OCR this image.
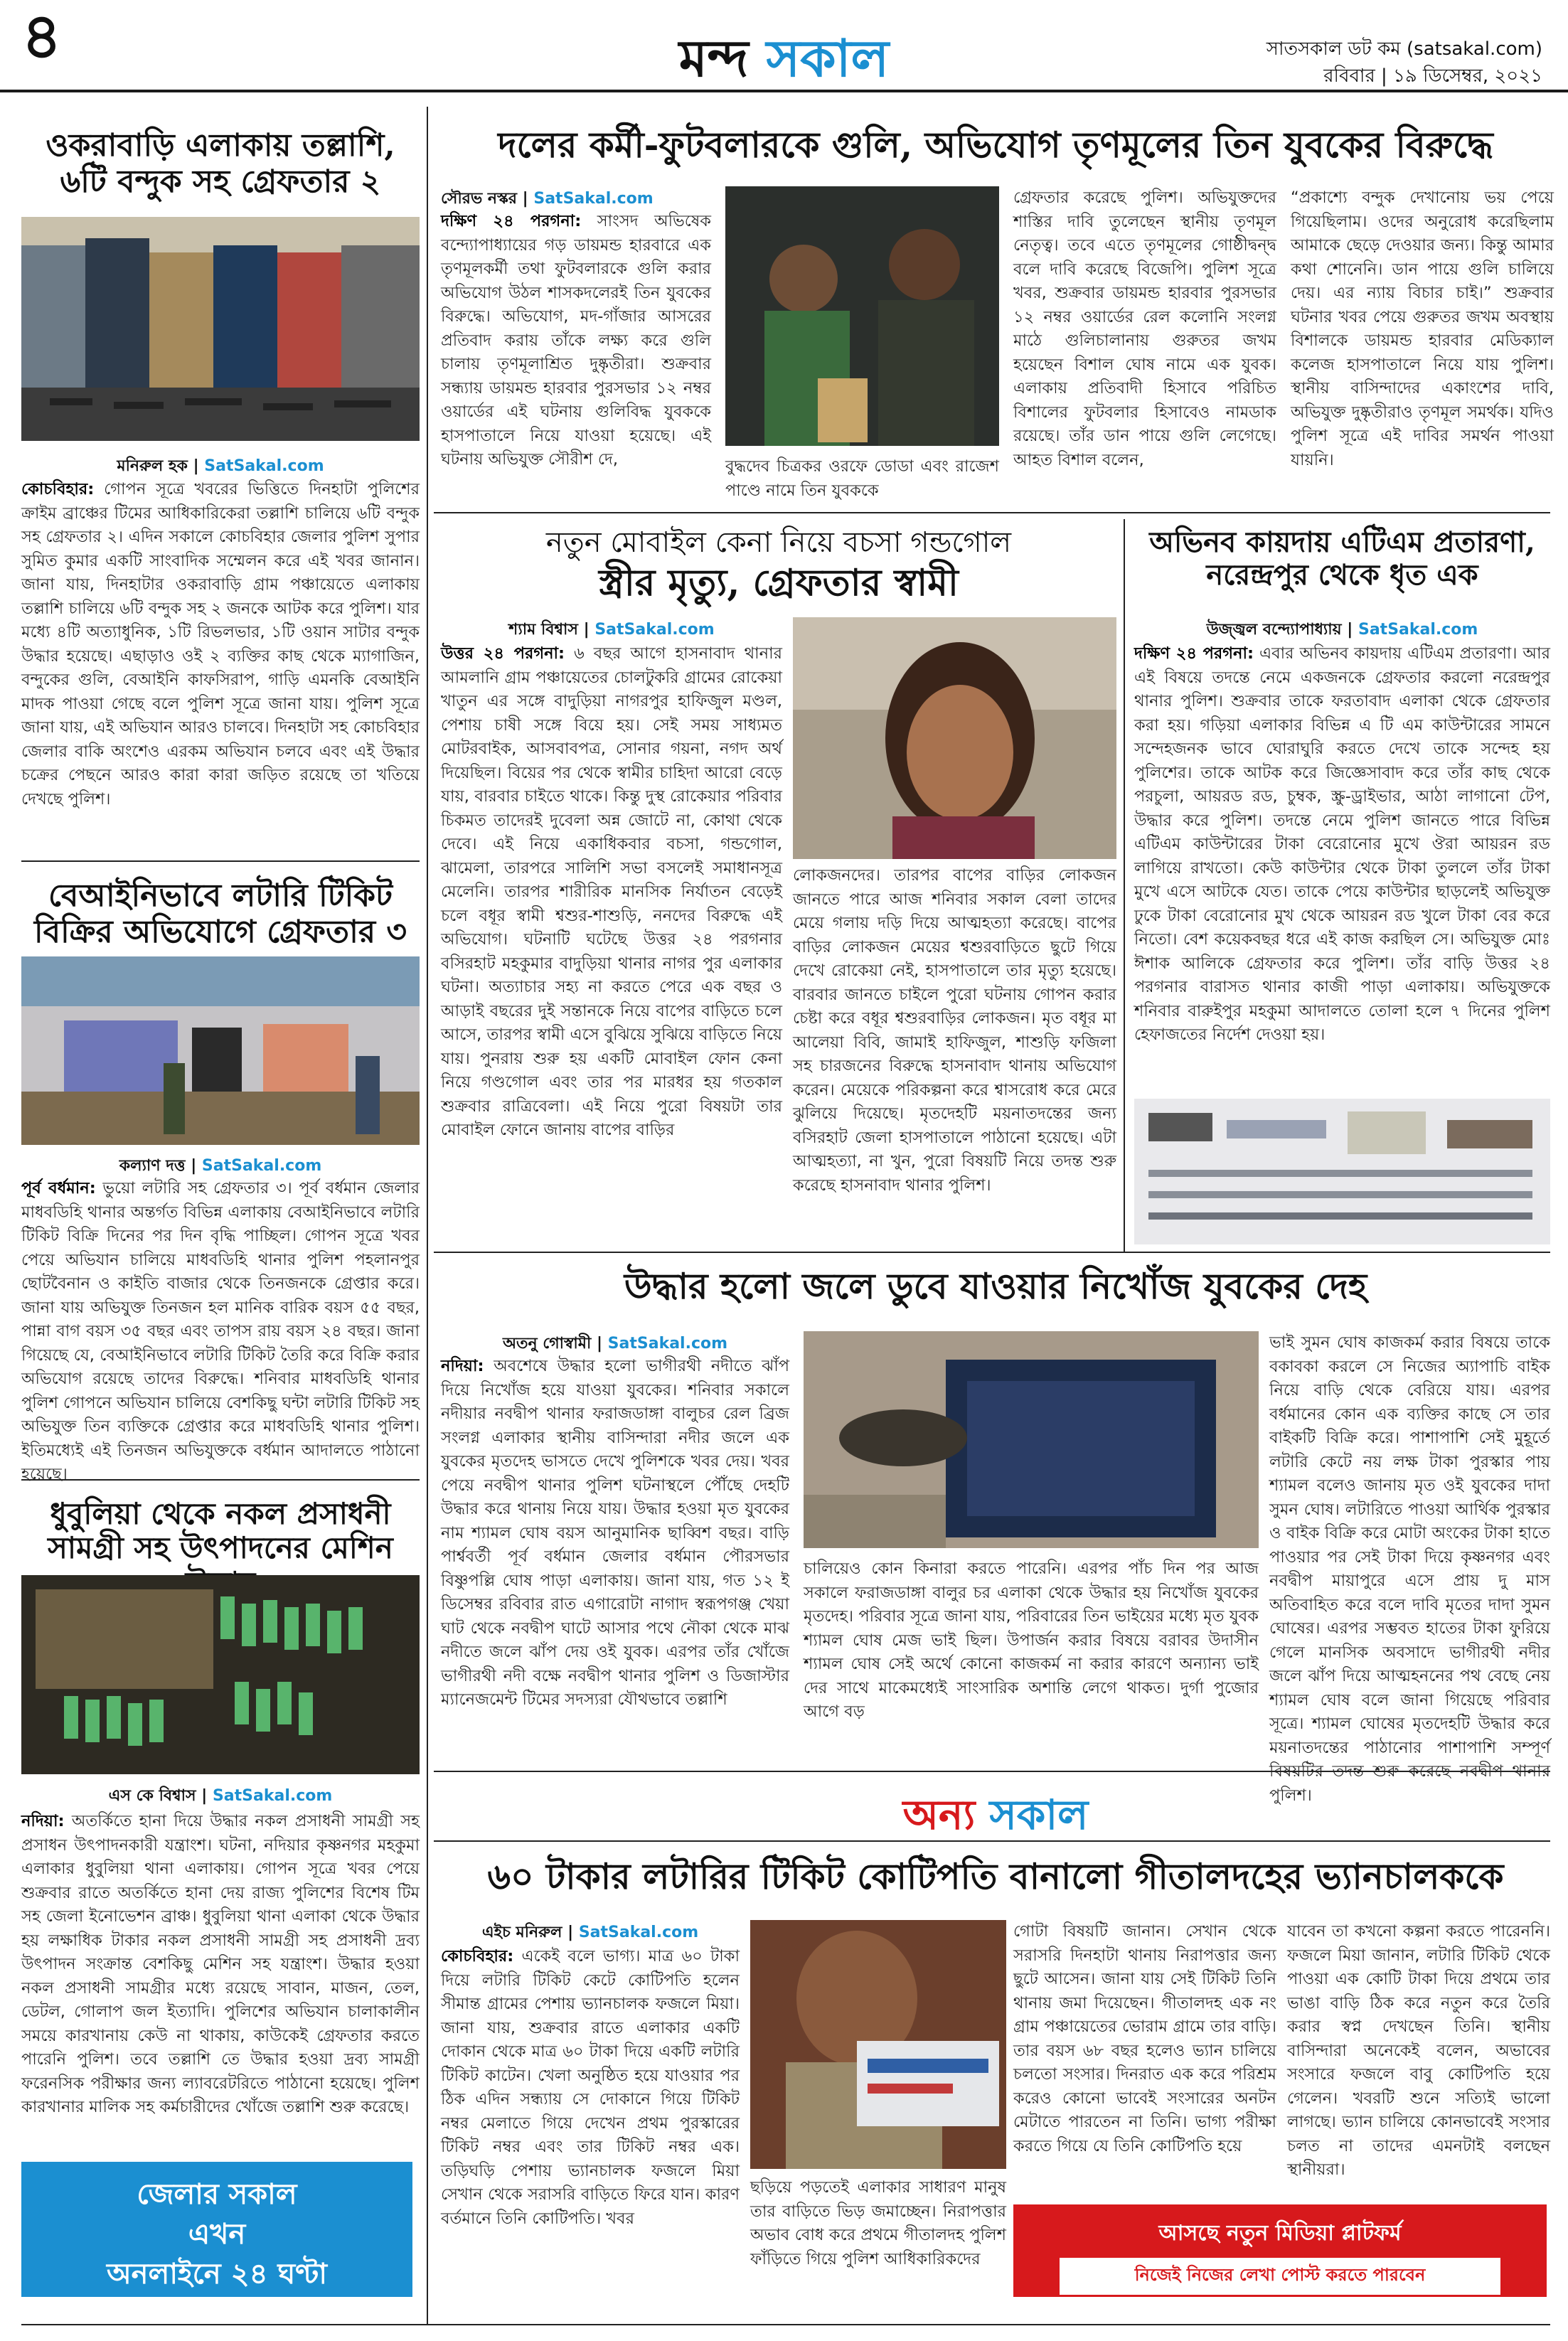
৪	মন্দ সকাল	সাতসকাল ডট কম (satsakal.com)
রবিবার | ১৯ ডিসেম্বর, ২০২১
ওকরাবাড়ি এলাকায় তল্লাশি, ৬টি বন্দুক সহ গ্রেফতার ২
মনিরুল হক | SatSakal.com
কোচবিহার: গোপন সূত্রে খবরের ভিত্তিতে দিনহাটা পুলিশের ক্রাইম ব্রাঞ্চের টিমের আধিকারিকেরা তল্লাশি চালিয়ে ৬টি বন্দুক সহ গ্রেফতার ২। এদিন সকালে কোচবিহার জেলার পুলিশ সুপার সুমিত কুমার একটি সাংবাদিক সম্মেলন করে এই খবর জানান। জানা যায়, দিনহাটার ওকরাবাড়ি গ্রাম পঞ্চায়েতে এলাকায় তল্লাশি চালিয়ে ৬টি বন্দুক সহ ২ জনকে আটক করে পুলিশ। যার মধ্যে ৪টি অত্যাধুনিক, ১টি রিভলভার, ১টি ওয়ান সাটার বন্দুক উদ্ধার হয়েছে। এছাড়াও ওই ২ ব্যক্তির কাছ থেকে ম্যাগাজিন, বন্দুকের গুলি, বেআইনি কাফসিরাপ, গাড়ি এমনকি বেআইনি মাদক পাওয়া গেছে বলে পুলিশ সূত্রে জানা যায়। পুলিশ সূত্রে জানা যায়, এই অভিযান আরও চালবে। দিনহাটা সহ কোচবিহার জেলার বাকি অংশেও এরকম অভিযান চলবে এবং এই উদ্ধার চক্রের পেছনে আরও কারা কারা জড়িত রয়েছে তা খতিয়ে দেখছে পুলিশ।
বেআইনিভাবে লটারি টিকিট বিক্রির অভিযোগে গ্রেফতার ৩
কল্যাণ দত্ত | SatSakal.com
পূর্ব বর্ধমান: ভুয়ো লটারি সহ গ্রেফতার ৩। পূর্ব বর্ধমান জেলার মাধবডিহি থানার অন্তর্গত বিভিন্ন এলাকায় বেআইনিভাবে লটারি টিকিট বিক্রি দিনের পর দিন বৃদ্ধি পাচ্ছিল। গোপন সূত্রে খবর পেয়ে অভিযান চালিয়ে মাধবডিহি থানার পুলিশ পহলানপুর ছোটবৈনান ও কাইতি বাজার থেকে তিনজনকে গ্রেপ্তার করে। জানা যায় অভিযুক্ত তিনজন হল মানিক বারিক বয়স ৫৫ বছর, পান্না বাগ বয়স ৩৫ বছর এবং তাপস রায় বয়স ২৪ বছর। জানা গিয়েছে যে, বেআইনিভাবে লটারি টিকিট তৈরি করে বিক্রি করার অভিযোগ রয়েছে তাদের বিরুদ্ধে। শনিবার মাধবডিহি থানার পুলিশ গোপনে অভিযান চালিয়ে বেশকিছু ঘন্টা লটারি টিকিট সহ অভিযুক্ত তিন ব্যক্তিকে গ্রেপ্তার করে মাধবডিহি থানার পুলিশ। ইতিমধ্যেই এই তিনজন অভিযুক্তকে বর্ধমান আদালতে পাঠানো হয়েছে।
ধুবুলিয়া থেকে নকল প্রসাধনী সামগ্রী সহ উৎপাদনের মেশিন
এস কে বিশ্বাস | SatSakal.com
নদিয়া: অতর্কিতে হানা দিয়ে উদ্ধার নকল প্রসাধনী সামগ্রী সহ প্রসাধন উৎপাদনকারী যন্ত্রাংশ। ঘটনা, নদিয়ার কৃষ্ণনগর মহকুমা এলাকার ধুবুলিয়া থানা এলাকায়। গোপন সূত্রে খবর পেয়ে শুক্রবার রাতে অতর্কিতে হানা দেয় রাজ্য পুলিশের বিশেষ টিম সহ জেলা ইনোভেশন ব্রাঞ্চ। ধুবুলিয়া থানা এলাকা থেকে উদ্ধার হয় লক্ষাধিক টাকার নকল প্রসাধনী সামগ্রী সহ প্রসাধনী দ্রব্য উৎপাদন সংক্রান্ত বেশকিছু মেশিন সহ যন্ত্রাংশ। উদ্ধার হওয়া নকল প্রসাধনী সামগ্রীর মধ্যে রয়েছে সাবান, মাজন, তেল, ডেটল, গোলাপ জল ইত্যাদি। পুলিশের অভিযান চালাকালীন সময়ে কারখানায় কেউ না থাকায়, কাউকেই গ্রেফতার করতে পারেনি পুলিশ। তবে তল্লাশি তে উদ্ধার হওয়া দ্রব্য সামগ্রী ফরেনসিক পরীক্ষার জন্য ল্যাবরেটরিতে পাঠানো হয়েছে। পুলিশ কারখানার মালিক সহ কর্মচারীদের খোঁজে তল্লাশি শুরু করেছে।
জেলার সকাল
এখন
অনলাইনে ২৪ ঘণ্টা
দলের কর্মী-ফুটবলারকে গুলি, অভিযোগ তৃণমূলের তিন যুবকের বিরুদ্ধে
সৌরভ নস্কর | SatSakal.com
দক্ষিণ ২৪ পরগনা: সাংসদ অভিষেক বন্দ্যোপাধ্যায়ের গড় ডায়মন্ড হারবারে এক তৃণমূলকর্মী তথা ফুটবলারকে গুলি করার অভিযোগ উঠল শাসকদলেরই তিন যুবকের বিরুদ্ধে। অভিযোগ, মদ-গাঁজার আসরের প্রতিবাদ করায় তাঁকে লক্ষ্য করে গুলি চালায় তৃণমূলাশ্রিত দুষ্কৃতীরা। শুক্রবার সন্ধ্যায় ডায়মন্ড হারবার পুরসভার ১২ নম্বর ওয়ার্ডের এই ঘটনায় গুলিবিদ্ধ যুবককে হাসপাতালে নিয়ে যাওয়া হয়েছে। এই ঘটনায় অভিযুক্ত সৌরীশ দে,	বুদ্ধদেব চিত্রকর ওরফে ডোডা এবং রাজেশ পাণ্ডে নামে তিন যুবককে
গ্রেফতার করেছে পুলিশ। অভিযুক্তদের শাস্তির দাবি তুলেছেন স্থানীয় তৃণমূল নেতৃত্ব। তবে এতে তৃণমূলের গোষ্ঠীদ্বন্দ্ব বলে দাবি করেছে বিজেপি। পুলিশ সূত্রে খবর, শুক্রবার ডায়মন্ড হারবার পুরসভার ১২ নম্বর ওয়ার্ডের রেল কলোনি সংলগ্ন মাঠে গুলিচালানায় গুরুতর জখম হয়েছেন বিশাল ঘোষ নামে এক যুবক। এলাকায় প্রতিবাদী হিসাবে পরিচিত বিশালের ফুটবলার হিসাবেও নামডাক রয়েছে। তাঁর ডান পায়ে গুলি লেগেছে। আহত বিশাল বলেন,
“প্রকাশ্যে বন্দুক দেখানোয় ভয় পেয়ে গিয়েছিলাম। ওদের অনুরোধ করেছিলাম আমাকে ছেড়ে দেওয়ার জন্য। কিন্তু আমার কথা শোনেনি। ডান পায়ে গুলি চালিয়ে দেয়। এর ন্যায় বিচার চাই।” শুক্রবার ঘটনার খবর পেয়ে গুরুতর জখম অবস্থায় বিশালকে ডায়মন্ড হারবার মেডিক্যাল কলেজ হাসপাতালে নিয়ে যায় পুলিশ। স্থানীয় বাসিন্দাদের একাংশের দাবি, অভিযুক্ত দুষ্কৃতীরাও তৃণমূল সমর্থক। যদিও পুলিশ সূত্রে এই দাবির সমর্থন পাওয়া যায়নি।
নতুন মোবাইল কেনা নিয়ে বচসা গন্ডগোল
স্ত্রীর মৃত্যু, গ্রেফতার স্বামী
শ্যাম বিশ্বাস | SatSakal.com
উত্তর ২৪ পরগনা: ৬ বছর আগে হাসনাবাদ থানার আমলানি গ্রাম পঞ্চায়েতের চোলটুকরি গ্রামের রোকেয়া খাতুন এর সঙ্গে বাদুড়িয়া নাগরপুর হাফিজুল মণ্ডল, পেশায় চাষী সঙ্গে বিয়ে হয়। সেই সময় সাধ্যমত মোটরবাইক, আসবাবপত্র, সোনার গয়না, নগদ অর্থ দিয়েছিল। বিয়ের পর থেকে স্বামীর চাহিদা আরো বেড়ে যায়, বারবার চাইতে থাকে। কিন্তু দুস্থ রোকেয়ার পরিবার চিকমত তাদেরই দুবেলা অন্ন জোটে না, কোথা থেকে দেবে। এই নিয়ে একাধিকবার বচসা, গন্ডগোল, ঝামেলা, তারপরে সালিশি সভা বসলেই সমাধানসূত্র মেলেনি। তারপর শারীরিক মানসিক নির্যাতন বেড়েই চলে বধূর স্বামী শ্বশুর-শাশুড়ি, ননদের বিরুদ্ধে এই অভিযোগ। ঘটনাটি ঘটেছে উত্তর ২৪ পরগনার বসিরহাট মহকুমার বাদুড়িয়া থানার নাগর পুর এলাকার ঘটনা। অত্যাচার সহ্য না করতে পেরে এক বছর ও আড়াই বছরের দুই সন্তানকে নিয়ে বাপের বাড়িতে চলে আসে, তারপর স্বামী এসে বুঝিয়ে সুঝিয়ে বাড়িতে নিয়ে যায়। পুনরায় শুরু হয় একটি মোবাইল ফোন কেনা নিয়ে গণ্ডগোল এবং তার পর মারধর হয় গতকাল শুক্রবার রাত্রিবেলা। এই নিয়ে পুরো বিষয়টা তার মোবাইল ফোনে জানায় বাপের বাড়ির
লোকজনদের। তারপর বাপের বাড়ির লোকজন জানতে পারে আজ শনিবার সকাল বেলা তাদের মেয়ে গলায় দড়ি দিয়ে আত্মহত্যা করেছে। বাপের বাড়ির লোকজন মেয়ের শ্বশুরবাড়িতে ছুটে গিয়ে দেখে রোকেয়া নেই, হাসপাতালে তার মৃত্যু হয়েছে। বারবার জানতে চাইলে পুরো ঘটনায় গোপন করার চেষ্টা করে বধূর শ্বশুরবাড়ির লোকজন। মৃত বধূর মা আলেয়া বিবি, জামাই হাফিজুল, শাশুড়ি ফজিলা সহ চারজনের বিরুদ্ধে হাসনাবাদ থানায় অভিযোগ করেন। মেয়েকে পরিকল্পনা করে শ্বাসরোধ করে মেরে ঝুলিয়ে দিয়েছে। মৃতদেহটি ময়নাতদন্তের জন্য বসিরহাট জেলা হাসপাতালে পাঠানো হয়েছে। এটা আত্মহত্যা, না খুন, পুরো বিষয়টি নিয়ে তদন্ত শুরু করেছে হাসনাবাদ থানার পুলিশ।
অভিনব কায়দায় এটিএম প্রতারণা, নরেন্দ্রপুর থেকে ধৃত এক
উজ্জ্বল বন্দ্যোপাধ্যায় | SatSakal.com
দক্ষিণ ২৪ পরগনা: এবার অভিনব কায়দায় এটিএম প্রতারণা। আর এই বিষয়ে তদন্তে নেমে একজনকে গ্রেফতার করলো নরেন্দ্রপুর থানার পুলিশ। শুক্রবার তাকে ফরতাবাদ এলাকা থেকে গ্রেফতার করা হয়। গড়িয়া এলাকার বিভিন্ন এ টি এম কাউন্টারের সামনে সন্দেহজনক ভাবে ঘোরাঘুরি করতে দেখে তাকে সন্দেহ হয় পুলিশের। তাকে আটক করে জিজ্ঞেসাবাদ করে তাঁর কাছ থেকে পরচুলা, আয়রড রড, চুম্বক, স্ক্রু-ড্রাইভার, আঠা লাগানো টেপ, উদ্ধার করে পুলিশ। তদন্তে নেমে পুলিশ জানতে পারে বিভিন্ন এটিএম কাউন্টারের টাকা বেরোনোর মুখে ঔরা আয়রন রড লাগিয়ে রাখতো। কেউ কাউন্টার থেকে টাকা তুললে তাঁর টাকা মুখে এসে আটকে যেত। তাকে পেয়ে কাউন্টার ছাড়লেই অভিযুক্ত ঢুকে টাকা বেরোনোর মুখ থেকে আয়রন রড খুলে টাকা বের করে নিতো। বেশ কয়েকবছর ধরে এই কাজ করছিল সে। অভিযুক্ত মোঃ ঈশাক আলিকে গ্রেফতার করে পুলিশ। তাঁর বাড়ি উত্তর ২৪ পরগনার বারাসত থানার কাজী পাড়া এলাকায়। অভিযুক্তকে শনিবার বারুইপুর মহকুমা আদালতে তোলা হলে ৭ দিনের পুলিশ হেফাজতের নির্দেশ দেওয়া হয়।
উদ্ধার হলো জলে ডুবে যাওয়ার নিখোঁজ যুবকের দেহ
অতনু গোস্বামী | SatSakal.com
নদিয়া: অবশেষে উদ্ধার হলো ভাগীরথী নদীতে ঝাঁপ দিয়ে নিখোঁজ হয়ে যাওয়া যুবকের। শনিবার সকালে নদীয়ার নবদ্বীপ থানার ফরাজডাঙ্গা বালুচর রেল ব্রিজ সংলগ্ন এলাকার স্থানীয় বাসিন্দারা নদীর জলে এক যুবকের মৃতদেহ ভাসতে দেখে পুলিশকে খবর দেয়। খবর পেয়ে নবদ্বীপ থানার পুলিশ ঘটনাস্থলে পৌঁছে দেহটি উদ্ধার করে থানায় নিয়ে যায়। উদ্ধার হওয়া মৃত যুবকের নাম শ্যামল ঘোষ বয়স আনুমানিক ছাব্বিশ বছর। বাড়ি পার্শ্ববর্তী পূর্ব বর্ধমান জেলার বর্ধমান পৌরসভার বিষ্ণুপল্লি ঘোষ পাড়া এলাকায়। জানা যায়, গত ১২ ই ডিসেম্বর রবিবার রাত এগারোটা নাগাদ স্বরূপগঞ্জ খেয়া ঘাট থেকে নবদ্বীপ ঘাটে আসার পথে নৌকা থেকে মাঝ নদীতে জলে ঝাঁপ দেয় ওই যুবক। এরপর তাঁর খোঁজে ভাগীরথী নদী বক্ষে নবদ্বীপ থানার পুলিশ ও ডিজাস্টার ম্যানেজমেন্ট টিমের সদস্যরা যৌথভাবে তল্লাশি
চালিয়েও কোন কিনারা করতে পারেনি। এরপর পাঁচ দিন পর আজ সকালে ফরাজডাঙ্গা বালুর চর এলাকা থেকে উদ্ধার হয় নিখোঁজ যুবকের মৃতদেহ। পরিবার সূত্রে জানা যায়, পরিবারের তিন ভাইয়ের মধ্যে মৃত যুবক শ্যামল ঘোষ মেজ ভাই ছিল। উপার্জন করার বিষয়ে বরাবর উদাসীন শ্যামল ঘোষ সেই অর্থে কোনো কাজকর্ম না করার কারণে অন্যান্য ভাই দের সাথে মাকেমধ্যেই সাংসারিক অশান্তি লেগে থাকত। দুর্গা পুজোর আগে বড়
ভাই সুমন ঘোষ কাজকর্ম করার বিষয়ে তাকে বকাবকা করলে সে নিজের অ্যাপাচি বাইক নিয়ে বাড়ি থেকে বেরিয়ে যায়। এরপর বর্ধমানের কোন এক ব্যক্তির কাছে সে তার বাইকটি বিক্রি করে। পাশাপাশি সেই মুহূর্তে লটারি কেটে নয় লক্ষ টাকা পুরস্কার পায় শ্যামল বলেও জানায় মৃত ওই যুবকের দাদা সুমন ঘোষ। লটারিতে পাওয়া আর্থিক পুরস্কার ও বাইক বিক্রি করে মোটা অংকের টাকা হাতে পাওয়ার পর সেই টাকা দিয়ে কৃষ্ণনগর এবং নবদ্বীপ মায়াপুরে এসে প্রায় দু মাস অতিবাহিত করে বলে দাবি মৃতের দাদা সুমন ঘোষের। এরপর সম্ভবত হাতের টাকা ফুরিয়ে গেলে মানসিক অবসাদে ভাগীরথী নদীর জলে ঝাঁপ দিয়ে আত্মহননের পথ বেছে নেয় শ্যামল ঘোষ বলে জানা গিয়েছে পরিবার সূত্রে। শ্যামল ঘোষের মৃতদেহটি উদ্ধার করে ময়নাতদন্তের পাঠানোর পাশাপাশি সম্পূর্ণ বিষয়টির তদন্ত শুরু করেছে নবদ্বীপ থানার পুলিশ।
অন্য সকাল
৬০ টাকার লটারির টিকিট কোটিপতি বানালো গীতালদহের ভ্যানচালককে
এইচ মনিরুল | SatSakal.com
কোচবিহার: একেই বলে ভাগ্য। মাত্র ৬০ টাকা দিয়ে লটারি টিকিট কেটে কোটিপতি হলেন সীমান্ত গ্রামের পেশায় ভ্যানচালক ফজলে মিয়া। জানা যায়, শুক্রবার রাতে এলাকার একটি দোকান থেকে মাত্র ৬০ টাকা দিয়ে একটি লটারি টিকিট কাটেন। খেলা অনুষ্ঠিত হয়ে যাওয়ার পর ঠিক এদিন সন্ধ্যায় সে দোকানে গিয়ে টিকিট নম্বর মেলাতে গিয়ে দেখেন প্রথম পুরস্কারের টিকিট নম্বর এবং তার টিকিট নম্বর এক। তড়িঘড়ি পেশায় ভ্যানচালক ফজলে মিয়া সেখান থেকে সরাসরি বাড়িতে ফিরে যান। কারণ বর্তমানে তিনি কোটিপতি। খবর
ছড়িয়ে পড়তেই এলাকার সাধারণ মানুষ তার বাড়িতে ভিড় জমাচ্ছেন। নিরাপত্তার অভাব বোধ করে প্রথমে গীতালদহ পুলিশ ফাঁড়িতে গিয়ে পুলিশ আধিকারিকদের
গোটা বিষয়টি জানান। সেখান থেকে সরাসরি দিনহাটা থানায় নিরাপত্তার জন্য ছুটে আসেন। জানা যায় সেই টিকিট তিনি থানায় জমা দিয়েছেন। গীতালদহ এক নং গ্রাম পঞ্চায়েতের ভোরাম গ্রামে তার বাড়ি। তার বয়স ৬৮ বছর হলেও ভ্যান চালিয়ে চলতো সংসার। দিনরাত এক করে পরিশ্রম করেও কোনো ভাবেই সংসারের অনটন মেটাতে পারতেন না তিনি। ভাগ্য পরীক্ষা করতে গিয়ে যে তিনি কোটিপতি হয়ে
যাবেন তা কখনো কল্পনা করতে পারেননি। ফজলে মিয়া জানান, লটারি টিকিট থেকে পাওয়া এক কোটি টাকা দিয়ে প্রথমে তার ভাঙা বাড়ি ঠিক করে নতুন করে তৈরি করার স্বপ্ন দেখছেন তিনি। স্থানীয় বাসিন্দারা অনেকেই বলেন, অভাবের সংসারে ফজলে বাবু কোটিপতি হয়ে গেলেন। খবরটি শুনে সত্যিই ভালো লাগছে। ভ্যান চালিয়ে কোনভাবেই সংসার চলত না তাদের এমনটাই বলছেন স্থানীয়রা।
আসছে নতুন মিডিয়া প্লাটফর্ম
নিজেই নিজের লেখা পোস্ট করতে পারবেন
